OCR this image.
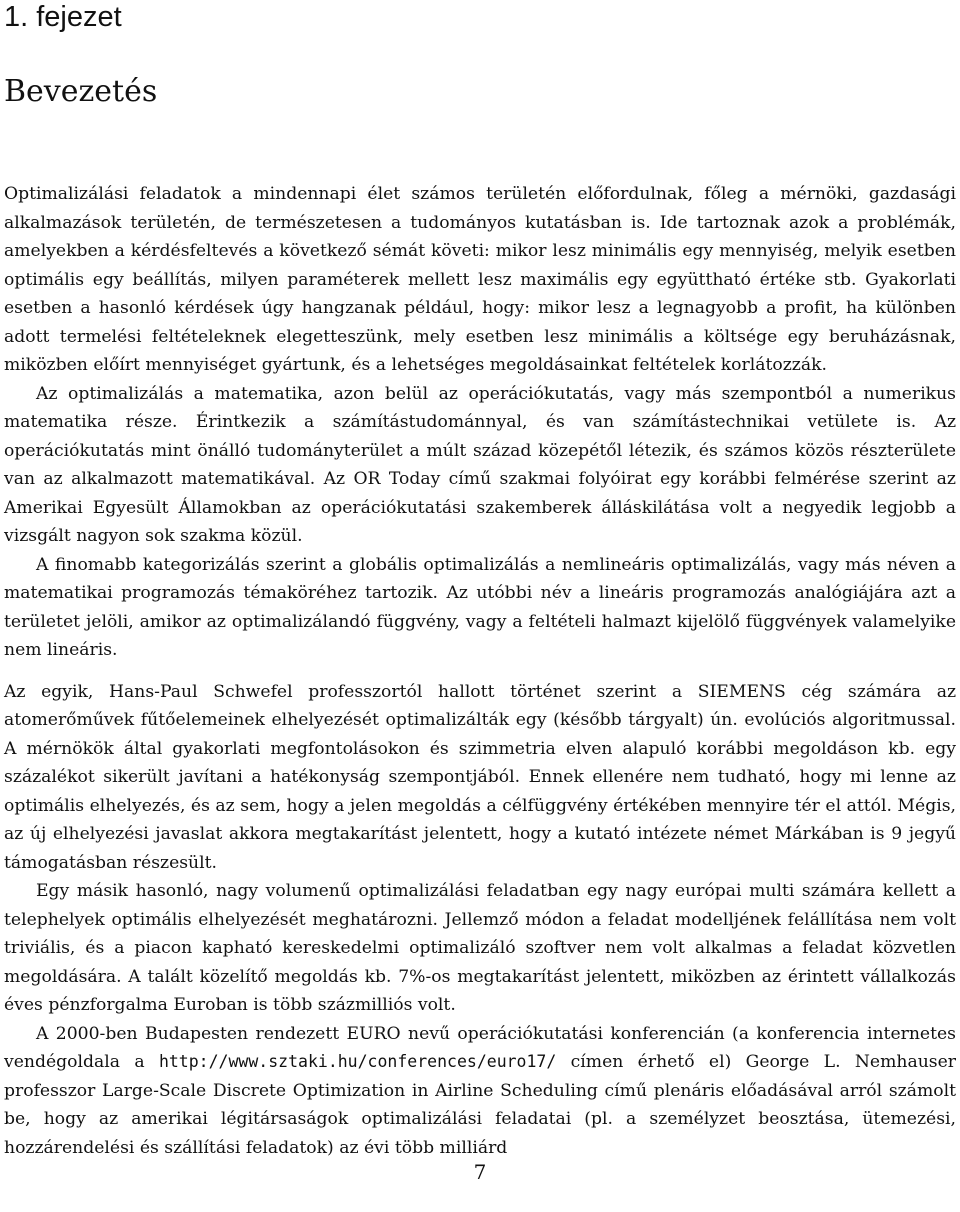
1. fejezet
Bevezetés

Optimalizálási feladatok a mindennapi élet számos területén előfordulnak, főleg a mérnöki, gazdasági alkalmazások területén, de természetesen a tudományos kutatásban is. Ide tartoznak azok a problémák, amelyekben a kérdésfeltevés a következő sémát követi: mikor lesz minimális egy mennyiség, melyik esetben optimális egy beállítás, milyen paraméterek mellett lesz maximális egy együttható értéke stb. Gyakorlati esetben a hasonló kérdések úgy hangzanak például, hogy: mikor lesz a legnagyobb a profit, ha különben adott termelési feltételeknek elegetteszünk, mely esetben lesz minimális a költsége egy beruházásnak, miközben előírt mennyiséget gyártunk, és a lehetséges megoldásainkat feltételek korlátozzák.

Az optimalizálás a matematika, azon belül az operációkutatás, vagy más szempontból a numerikus matematika része. Érintkezik a számítástudománnyal, és van számítástechnikai vetülete is. Az operációkutatás mint önálló tudományterület a múlt század közepétől létezik, és számos közös részterülete van az alkalmazott matematikával. Az OR Today című szakmai folyóirat egy korábbi felmérése szerint az Amerikai Egyesült Államokban az operációkutatási szakemberek álláskilátása volt a negyedik legjobb a vizsgált nagyon sok szakma közül.

A finomabb kategorizálás szerint a globális optimalizálás a nemlineáris optimalizálás, vagy más néven a matematikai programozás témaköréhez tartozik. Az utóbbi név a lineáris programozás analógiájára azt a területet jelöli, amikor az optimalizálandó függvény, vagy a feltételi halmazt kijelölő függvények valamelyike nem lineáris.

Az egyik, Hans-Paul Schwefel professzortól hallott történet szerint a SIEMENS cég számára az atomerőművek fűtőelemeinek elhelyezését optimalizálták egy (később tárgyalt) ún. evolúciós algoritmussal. A mérnökök által gyakorlati megfontolásokon és szimmetria elven alapuló korábbi megoldáson kb. egy százalékot sikerült javítani a hatékonyság szempontjából. Ennek ellenére nem tudható, hogy mi lenne az optimális elhelyezés, és az sem, hogy a jelen megoldás a célfüggvény értékében mennyire tér el attól. Mégis, az új elhelyezési javaslat akkora megtakarítást jelentett, hogy a kutató intézete német Márkában is 9 jegyű támogatásban részesült.

Egy másik hasonló, nagy volumenű optimalizálási feladatban egy nagy európai multi számára kellett a telephelyek optimális elhelyezését meghatározni. Jellemző módon a feladat modelljének felállítása nem volt triviális, és a piacon kapható kereskedelmi optimalizáló szoftver nem volt alkalmas a feladat közvetlen megoldására. A talált közelítő megoldás kb. 7%-os megtakarítást jelentett, miközben az érintett vállalkozás éves pénzforgalma Euroban is több százmilliós volt.

A 2000-ben Budapesten rendezett EURO nevű operációkutatási konferencián (a konferencia internetes vendégoldala a http://www.sztaki.hu/conferences/euro17/ címen érhető el) George L. Nemhauser professzor Large-Scale Discrete Optimization in Airline Scheduling című plenáris előadásával arról számolt be, hogy az amerikai légitársaságok optimalizálási feladatai (pl. a személyzet beosztása, ütemezési, hozzárendelési és szállítási feladatok) az évi több milliárd

7
